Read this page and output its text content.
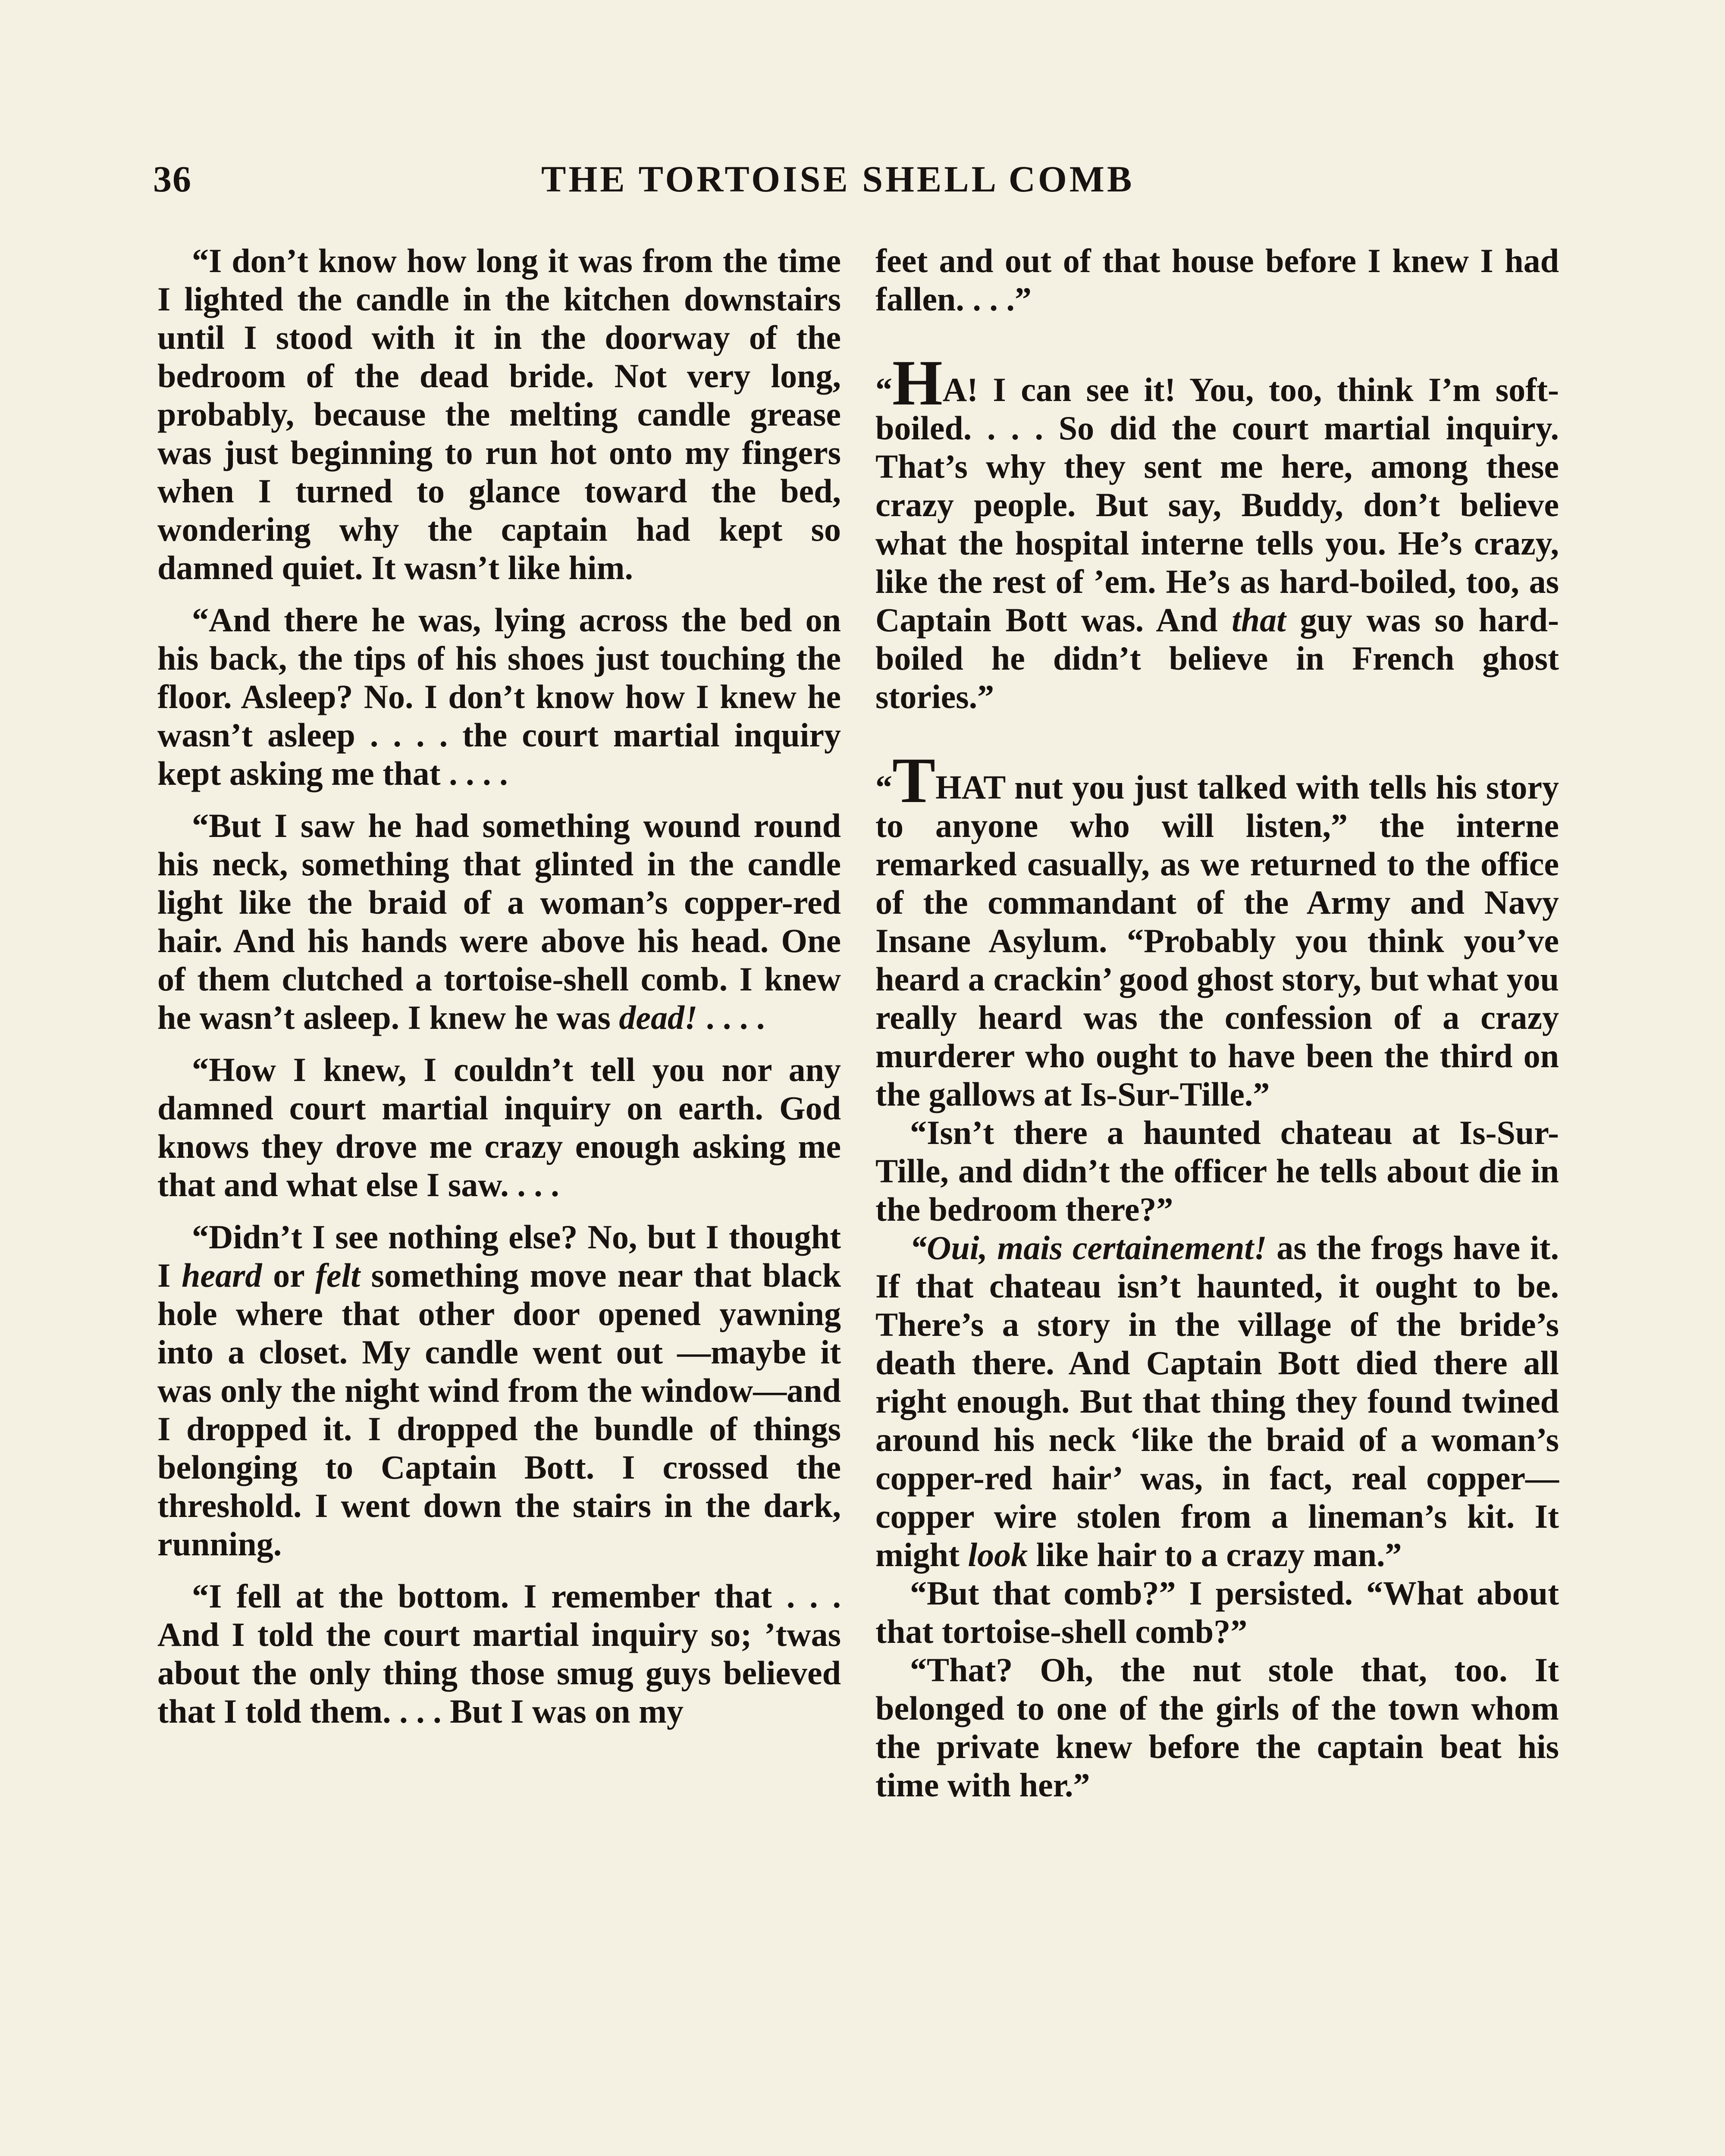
36	THE TORTOISE SHELL COMB

“I don’t know how long it was from the time I lighted the candle in the kitchen downstairs until I stood with it in the doorway of the bedroom of the dead bride. Not very long, probably, because the melting candle grease was just beginning to run hot onto my fingers when I turned to glance toward the bed, wondering why the captain had kept so damned quiet. It wasn’t like him.

“And there he was, lying across the bed on his back, the tips of his shoes just touching the floor. Asleep? No. I don’t know how I knew he wasn’t asleep . . . . the court martial inquiry kept asking me that . . . .

“But I saw he had something wound round his neck, something that glinted in the candle light like the braid of a woman’s copper-red hair. And his hands were above his head. One of them clutched a tortoise-shell comb. I knew he wasn’t asleep. I knew he was dead! . . . .

“How I knew, I couldn’t tell you nor any damned court martial inquiry on earth. God knows they drove me crazy enough asking me that and what else I saw. . . .

“Didn’t I see nothing else? No, but I thought I heard or felt something move near that black hole where that other door opened yawning into a closet. My candle went out —maybe it was only the night wind from the window—and I dropped it. I dropped the bundle of things belonging to Captain Bott. I crossed the threshold. I went down the stairs in the dark, running.

“I fell at the bottom. I remember that . . . And I told the court martial inquiry so; ’twas about the only thing those smug guys believed that I told them. . . . But I was on my

feet and out of that house before I knew I had fallen. . . .”

“HA! I can see it! You, too, think I’m soft-boiled. . . . So did the court martial inquiry. That’s why they sent me here, among these crazy people. But say, Buddy, don’t believe what the hospital interne tells you. He’s crazy, like the rest of ’em. He’s as hard-boiled, too, as Captain Bott was. And that guy was so hard-boiled he didn’t believe in French ghost stories.”

“THAT nut you just talked with tells his story to anyone who will listen,” the interne remarked casually, as we returned to the office of the commandant of the Army and Navy Insane Asylum. “Probably you think you’ve heard a crackin’ good ghost story, but what you really heard was the confession of a crazy murderer who ought to have been the third on the gallows at Is-Sur-Tille.”

“Isn’t there a haunted chateau at Is-Sur-Tille, and didn’t the officer he tells about die in the bedroom there?”

“Oui, mais certainement! as the frogs have it. If that chateau isn’t haunted, it ought to be. There’s a story in the village of the bride’s death there. And Captain Bott died there all right enough. But that thing they found twined around his neck ‘like the braid of a woman’s copper-red hair’ was, in fact, real copper—copper wire stolen from a lineman’s kit. It might look like hair to a crazy man.”

“But that comb?” I persisted. “What about that tortoise-shell comb?”

“That? Oh, the nut stole that, too. It belonged to one of the girls of the town whom the private knew before the captain beat his time with her.”
